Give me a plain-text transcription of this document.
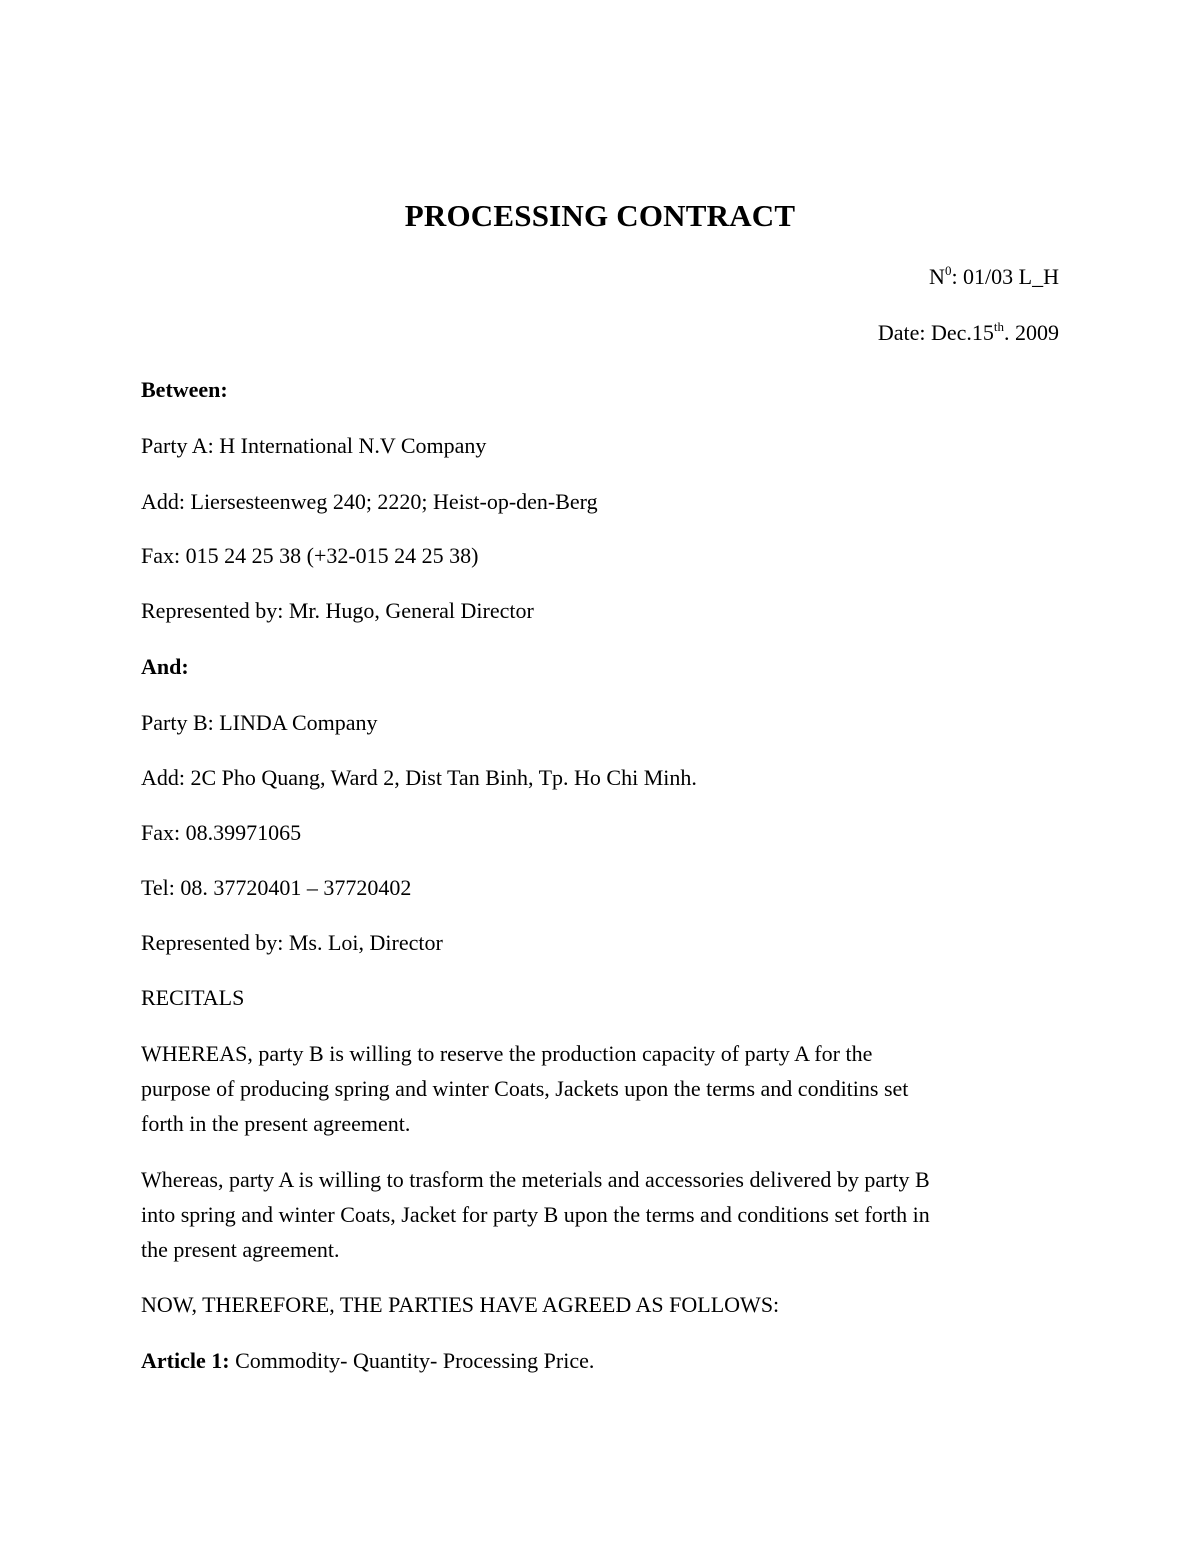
PROCESSING CONTRACT
$N^0$: 01/03 L_H
Date: Dec.15th. 2009
Between:
Party A: H International N.V Company
Add: Liersesteenweg 240; 2220; Heist-op-den-Berg
Fax: 015 24 25 38 (+32-015 24 25 38)
Represented by: Mr. Hugo, General Director
And:
Party B: LINDA Company
Add: 2C Pho Quang, Ward 2, Dist Tan Binh, Tp. Ho Chi Minh.
Fax: 08.39971065
Tel: 08. 37720401 – 37720402
Represented by: Ms. Loi, Director
RECITALS
WHEREAS, party B is willing to reserve the production capacity of party A for the
purpose of producing spring and winter Coats, Jackets upon the terms and conditins set
forth in the present agreement.
Whereas, party A is willing to trasform the meterials and accessories delivered by party B
into spring and winter Coats, Jacket for party B upon the terms and conditions set forth in
the present agreement.
NOW, THEREFORE, THE PARTIES HAVE AGREED AS FOLLOWS:
Article 1: Commodity- Quantity- Processing Price.
